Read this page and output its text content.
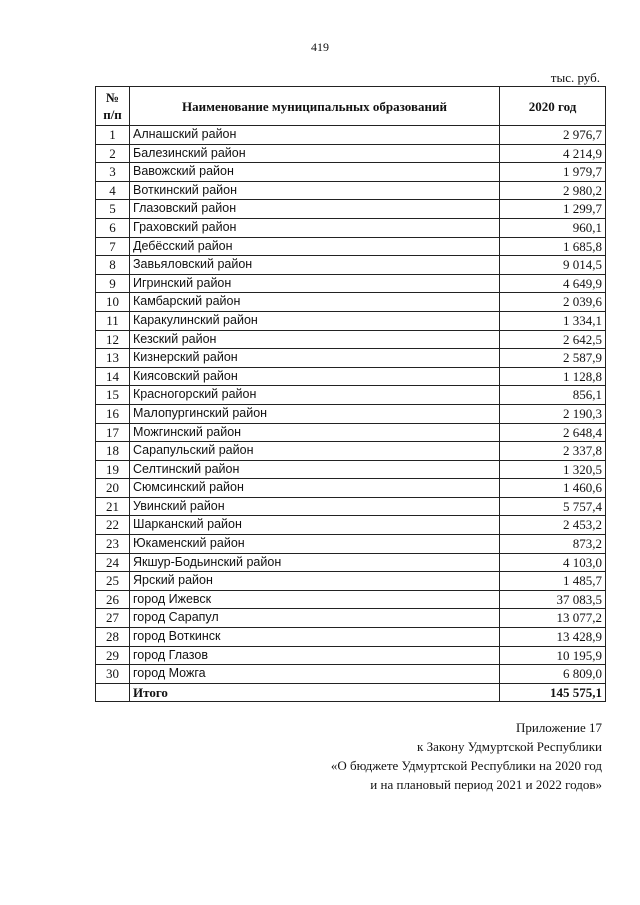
419
тыс. руб.
№
п/п	Наименование муниципальных образований	2020 год
1	Алнашский район	2 976,7
2	Балезинский район	4 214,9
3	Вавожский район	1 979,7
4	Воткинский район	2 980,2
5	Глазовский район	1 299,7
6	Граховский район	960,1
7	Дебёсский район	1 685,8
8	Завьяловский район	9 014,5
9	Игринский район	4 649,9
10	Камбарский район	2 039,6
11	Каракулинский район	1 334,1
12	Кезский район	2 642,5
13	Кизнерский район	2 587,9
14	Киясовский район	1 128,8
15	Красногорский район	856,1
16	Малопургинский район	2 190,3
17	Можгинский район	2 648,4
18	Сарапульский район	2 337,8
19	Селтинский район	1 320,5
20	Сюмсинский район	1 460,6
21	Увинский район	5 757,4
22	Шарканский район	2 453,2
23	Юкаменский район	873,2
24	Якшур-Бодьинский район	4 103,0
25	Ярский район	1 485,7
26	город Ижевск	37 083,5
27	город Сарапул	13 077,2
28	город Воткинск	13 428,9
29	город Глазов	10 195,9
30	город Можга	6 809,0
	Итого	145 575,1
Приложение 17
к Закону Удмуртской Республики
«О бюджете Удмуртской Республики на 2020 год
и на плановый период 2021 и 2022 годов»
